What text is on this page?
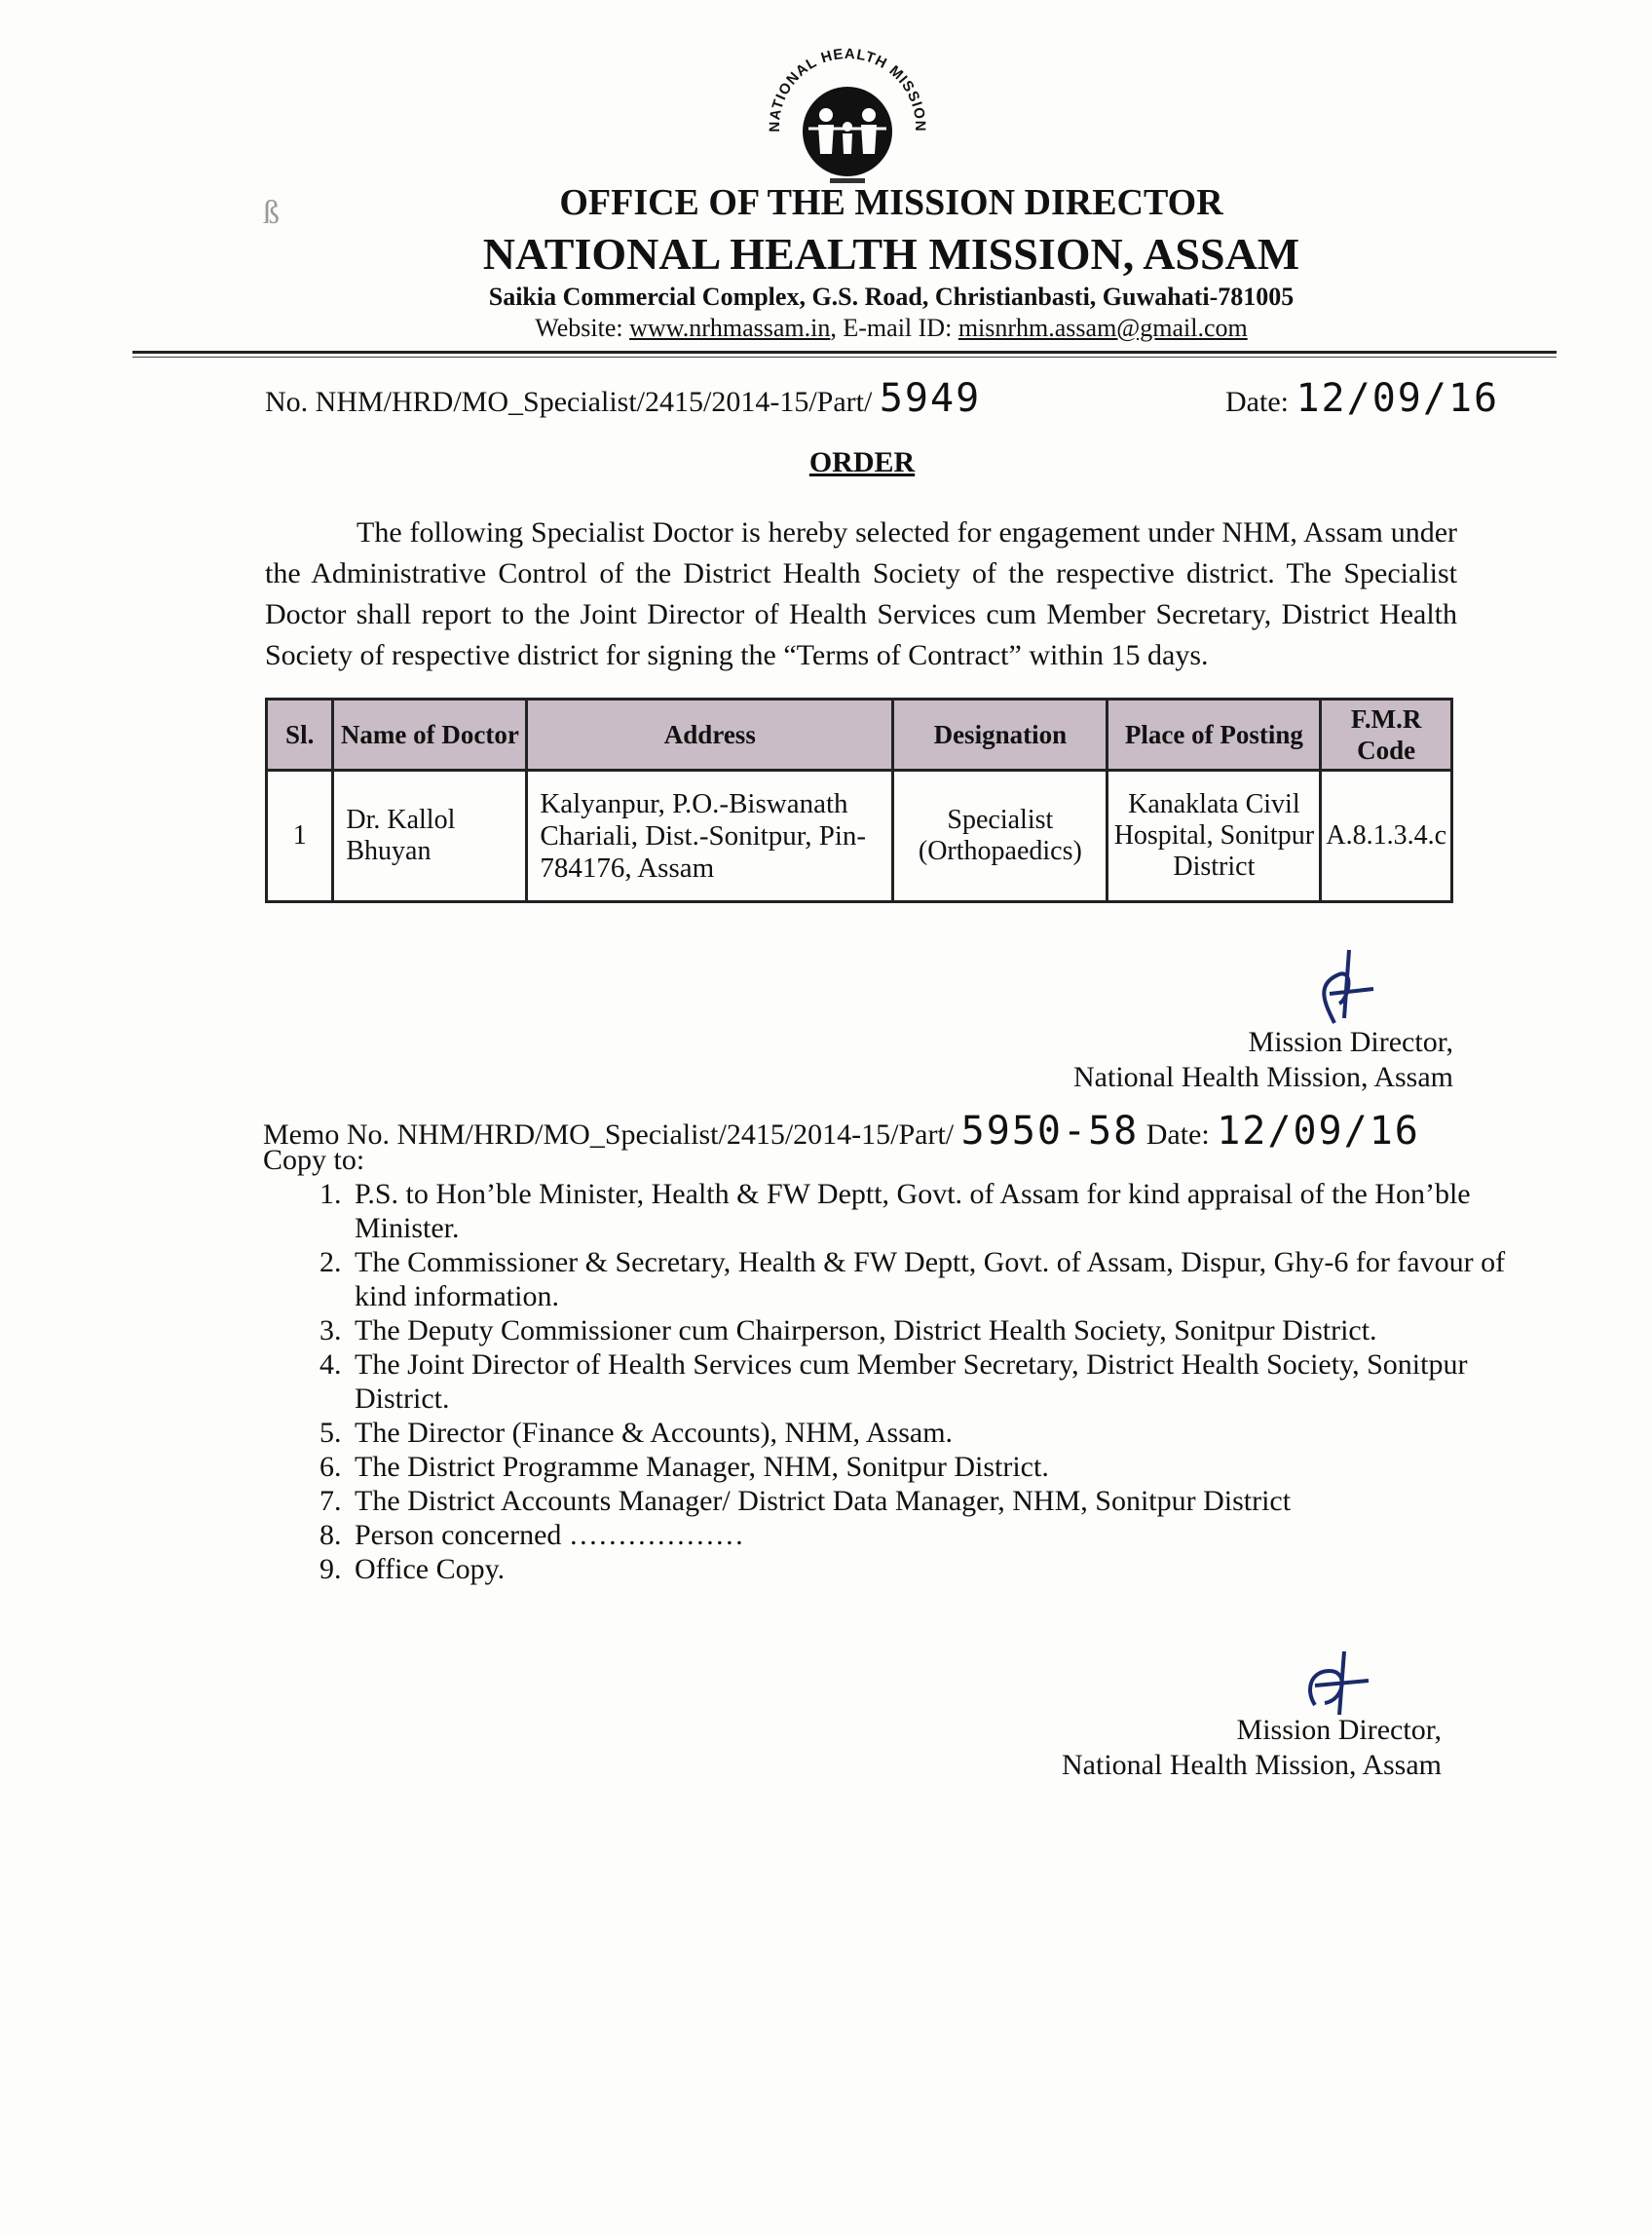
NATIONAL HEALTH MISSION
ß	OFFICE OF THE MISSION DIRECTOR
NATIONAL HEALTH MISSION, ASSAM
Saikia Commercial Complex, G.S. Road, Christianbasti, Guwahati-781005
Website: www.nrhmassam.in, E-mail ID: misnrhm.assam@gmail.com
No. NHM/HRD/MO_Specialist/2415/2014-15/Part/ 5949	Date: 12/09/16
ORDER
The following Specialist Doctor is hereby selected for engagement under NHM, Assam under the Administrative Control of the District Health Society of the respective district. The Specialist Doctor shall report to the Joint Director of Health Services cum Member Secretary, District Health Society of respective district for signing the “Terms of Contract” within 15 days.
Sl.	Name of Doctor	Address	Designation	Place of Posting	F.M.R Code
1	Dr. Kallol Bhuyan	Kalyanpur, P.O.-Biswanath Chariali, Dist.-Sonitpur, Pin-784176, Assam	Specialist (Orthopaedics)	Kanaklata Civil Hospital, Sonitpur District	A.8.1.3.4.c
Mission Director,
National Health Mission, Assam
Memo No. NHM/HRD/MO_Specialist/2415/2014-15/Part/ 5950-58 Date: 12/09/16
Copy to:
1. P.S. to Hon’ble Minister, Health & FW Deptt, Govt. of Assam for kind appraisal of the Hon’ble Minister.
2. The Commissioner & Secretary, Health & FW Deptt, Govt. of Assam, Dispur, Ghy-6 for favour of kind information.
3. The Deputy Commissioner cum Chairperson, District Health Society, Sonitpur District.
4. The Joint Director of Health Services cum Member Secretary, District Health Society, Sonitpur District.
5. The Director (Finance & Accounts), NHM, Assam.
6. The District Programme Manager, NHM, Sonitpur District.
7. The District Accounts Manager/ District Data Manager, NHM, Sonitpur District
8. Person concerned ………………
9. Office Copy.
Mission Director,
National Health Mission, Assam
